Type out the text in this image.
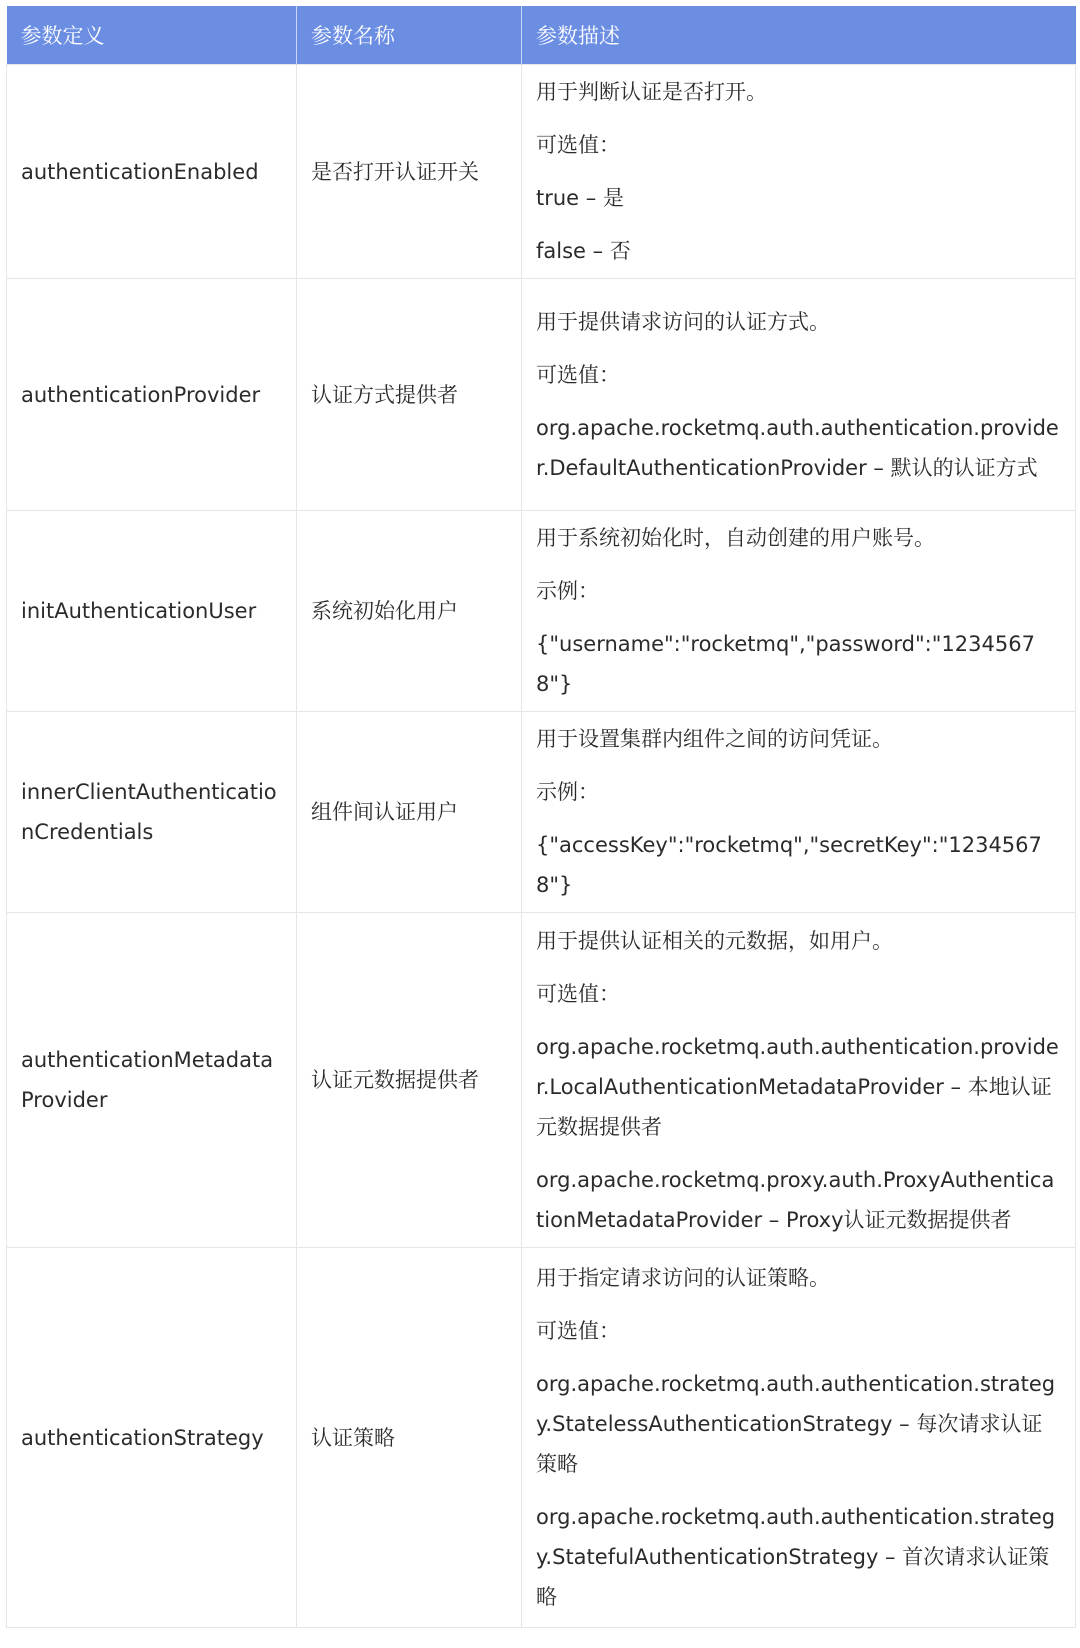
参数定义	参数名称	参数描述
authenticationEnabled	是否打开认证开关	用于判断认证是否打开。

可选值：

true – 是

false – 否

authenticationProvider	认证方式提供者	用于提供请求访问的认证方式。

可选值：

org.apache.rocketmq.auth.authentication.provider.DefaultAuthenticationProvider – 默认的认证方式

initAuthenticationUser	系统初始化用户	用于系统初始化时，自动创建的用户账号。

示例：

{"username":"rocketmq","password":"12345678"}

innerClientAuthenticationCredentials	组件间认证用户	用于设置集群内组件之间的访问凭证。

示例：

{"accessKey":"rocketmq","secretKey":"12345678"}

authenticationMetadataProvider	认证元数据提供者	用于提供认证相关的元数据，如用户。

可选值：

org.apache.rocketmq.auth.authentication.provider.LocalAuthenticationMetadataProvider – 本地认证元数据提供者

org.apache.rocketmq.proxy.auth.ProxyAuthenticationMetadataProvider – Proxy认证元数据提供者

authenticationStrategy	认证策略	用于指定请求访问的认证策略。

可选值：

org.apache.rocketmq.auth.authentication.strategy.StatelessAuthenticationStrategy – 每次请求认证策略

org.apache.rocketmq.auth.authentication.strategy.StatefulAuthenticationStrategy – 首次请求认证策略
